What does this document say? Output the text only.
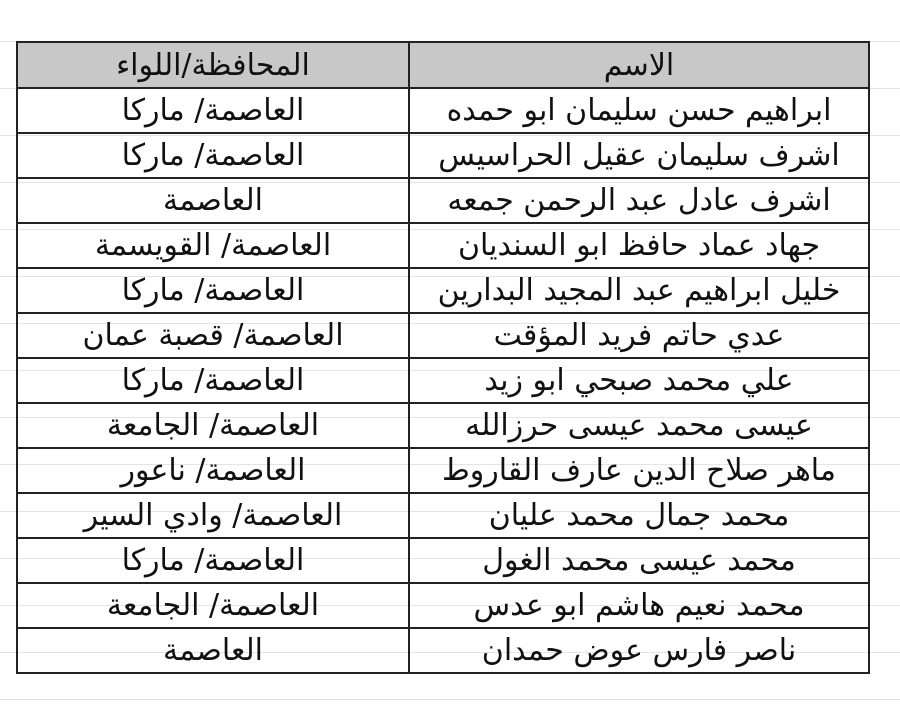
المحافظة/اللواء	الاسم
العاصمة/ ماركا	ابراهيم حسن سليمان ابو حمده
العاصمة/ ماركا	اشرف سليمان عقيل الحراسيس
العاصمة	اشرف عادل عبد الرحمن جمعه
العاصمة/ القويسمة	جهاد عماد حافظ ابو السنديان
العاصمة/ ماركا	خليل ابراهيم عبد المجيد البدارين
العاصمة/ قصبة عمان	عدي حاتم فريد المؤقت
العاصمة/ ماركا	علي محمد صبحي ابو زيد
العاصمة/ الجامعة	عيسى محمد عيسى حرزالله
العاصمة/ ناعور	ماهر صلاح الدين عارف القاروط
العاصمة/ وادي السير	محمد جمال محمد عليان
العاصمة/ ماركا	محمد عيسى محمد الغول
العاصمة/ الجامعة	محمد نعيم هاشم ابو عدس
العاصمة	ناصر فارس عوض حمدان
